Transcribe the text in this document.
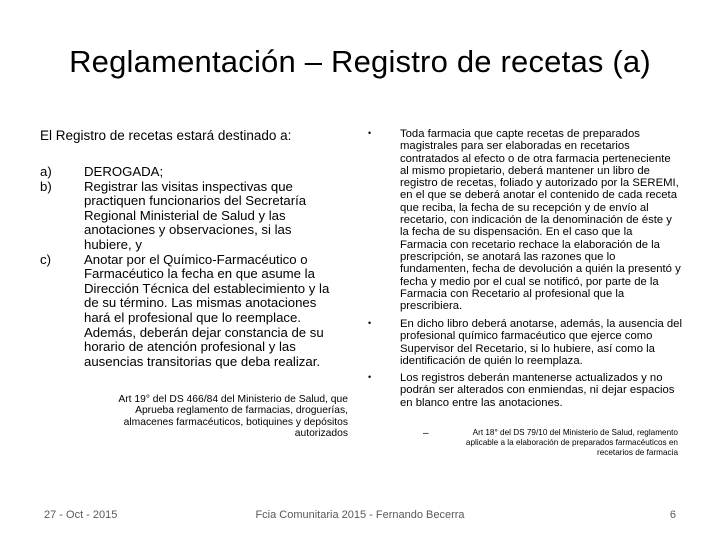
Reglamentación – Registro de recetas (a)

El Registro de recetas estará destinado a:

a)	DEROGADA;
b)	Registrar las visitas inspectivas que practiquen funcionarios del Secretaría Regional Ministerial de Salud y las anotaciones y observaciones, si las hubiere, y
c)	Anotar por el Químico-Farmacéutico o Farmacéutico la fecha en que asume la Dirección Técnica del establecimiento y la de su término. Las mismas anotaciones hará el profesional que lo reemplace. Además, deberán dejar constancia de su horario de atención profesional y las ausencias transitorias que deba realizar.
Art 19° del DS 466/84 del Ministerio de Salud, que Aprueba reglamento de farmacias, droguerías, almacenes farmacéuticos, botiquines y depósitos autorizados
•	Toda farmacia que capte recetas de preparados magistrales para ser elaboradas en recetarios contratados al efecto o de otra farmacia perteneciente al mismo propietario, deberá mantener un libro de registro de recetas, foliado y autorizado por la SEREMI, en el que se deberá anotar el contenido de cada receta que reciba, la fecha de su recepción y de envío al recetario, con indicación de la denominación de éste y la fecha de su dispensación. En el caso que la Farmacia con recetario rechace la elaboración de la prescripción, se anotará las razones que lo fundamenten, fecha de devolución a quién la presentó y fecha y medio por el cual se notificó, por parte de la Farmacia con Recetario al profesional que la prescribiera.
•	En dicho libro deberá anotarse, además, la ausencia del profesional químico farmacéutico que ejerce como Supervisor del Recetario, si lo hubiere, así como la identificación de quién lo reemplaza.
•	Los registros deberán mantenerse actualizados y no podrán ser alterados con enmiendas, ni dejar espacios en blanco entre las anotaciones.
–	Art 18° del DS 79/10 del Ministerio de Salud, reglamento aplicable a la elaboración de preparados farmacéuticos en recetarios de farmacia
27 - Oct - 2015	Fcia Comunitaria 2015 - Fernando Becerra	6
